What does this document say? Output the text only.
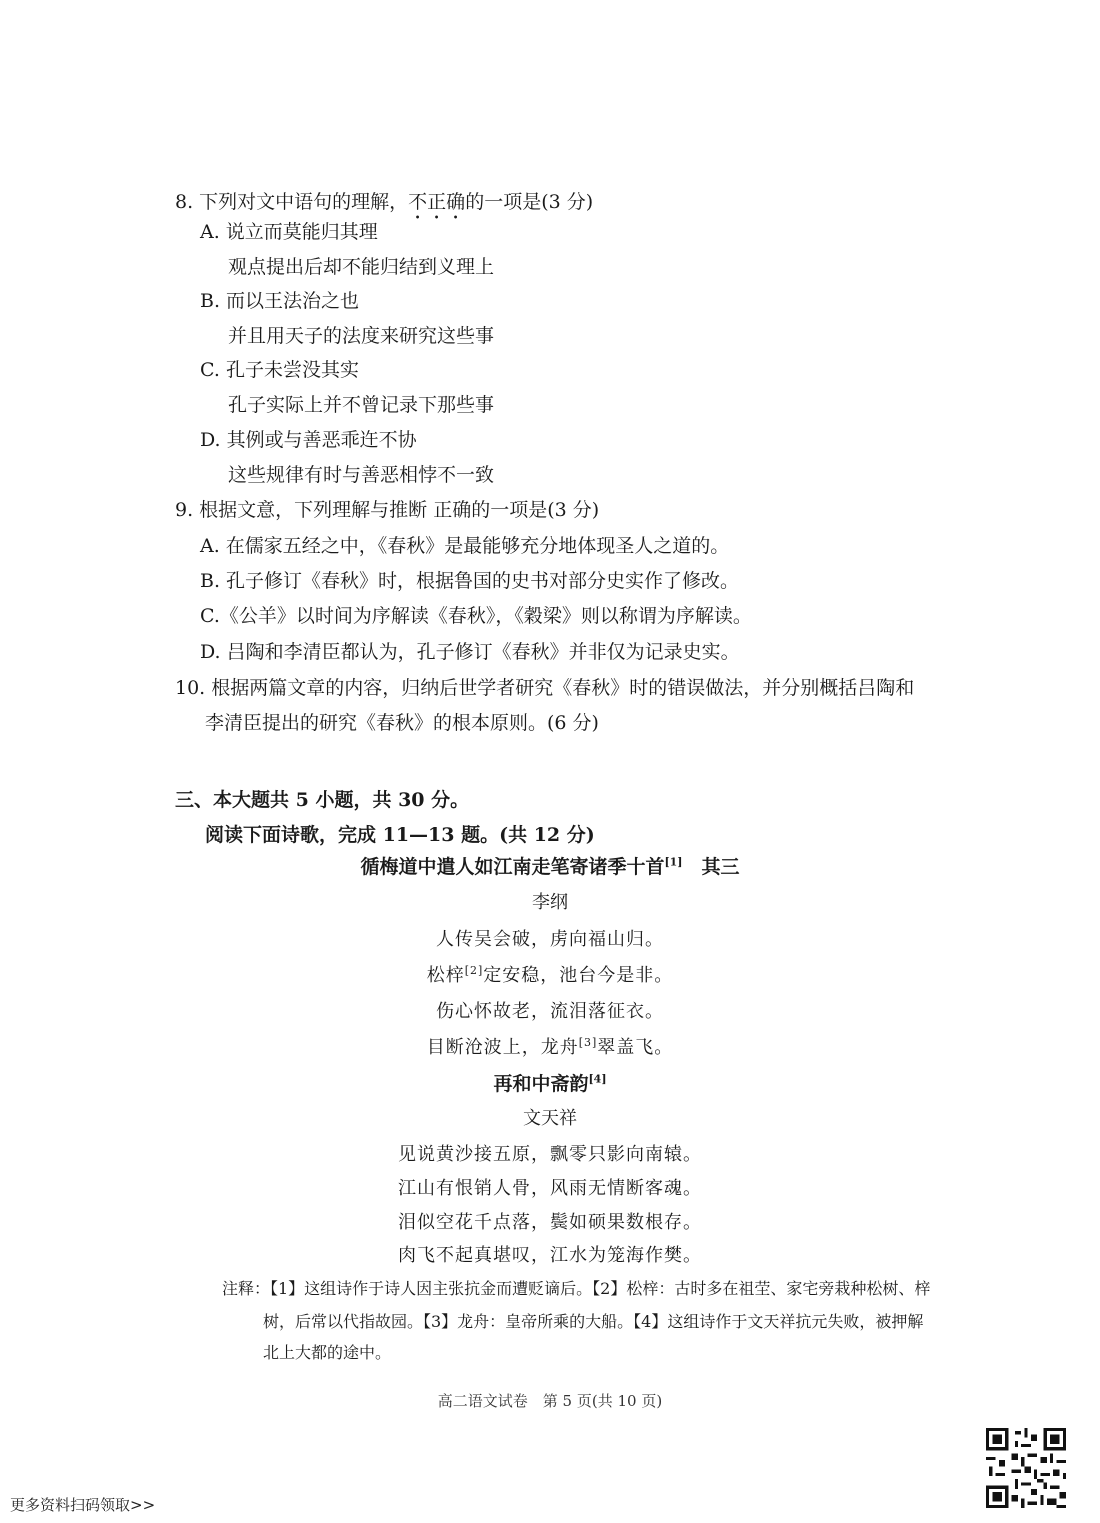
8. 下列对文中语句的理解，不正确的一项是(3 分)
A. 说立而莫能归其理
观点提出后却不能归结到义理上
B. 而以王法治之也
并且用天子的法度来研究这些事
C. 孔子未尝没其实
孔子实际上并不曾记录下那些事
D. 其例或与善恶乖迕不协
这些规律有时与善恶相悖不一致
9. 根据文意，下列理解与推断 正确的一项是(3 分)
A. 在儒家五经之中，《春秋》是最能够充分地体现圣人之道的。
B. 孔子修订《春秋》时，根据鲁国的史书对部分史实作了修改。
C.《公羊》以时间为序解读《春秋》，《穀梁》则以称谓为序解读。
D. 吕陶和李清臣都认为，孔子修订《春秋》并非仅为记录史实。
10. 根据两篇文章的内容，归纳后世学者研究《春秋》时的错误做法，并分别概括吕陶和
李清臣提出的研究《春秋》的根本原则。(6 分)
三、本大题共 5 小题，共 30 分。
阅读下面诗歌，完成 11—13 题。(共 12 分)
循梅道中遣人如江南走笔寄诸季十首[1]　其三
李纲
人传吴会破，虏向福山归。
松梓[2]定安稳，池台今是非。
伤心怀故老，流泪落征衣。
目断沧波上，龙舟[3]翠盖飞。
再和中斋韵[4]
文天祥
见说黄沙接五原，飘零只影向南辕。
江山有恨销人骨，风雨无情断客魂。
泪似空花千点落，鬓如硕果数根存。
肉飞不起真堪叹，江水为笼海作樊。
注释：【1】这组诗作于诗人因主张抗金而遭贬谪后。【2】松梓：古时多在祖茔、家宅旁栽种松树、梓
树，后常以代指故园。【3】龙舟：皇帝所乘的大船。【4】这组诗作于文天祥抗元失败，被押解
北上大都的途中。
高二语文试卷　第 5 页(共 10 页)
更多资料扫码领取>>
